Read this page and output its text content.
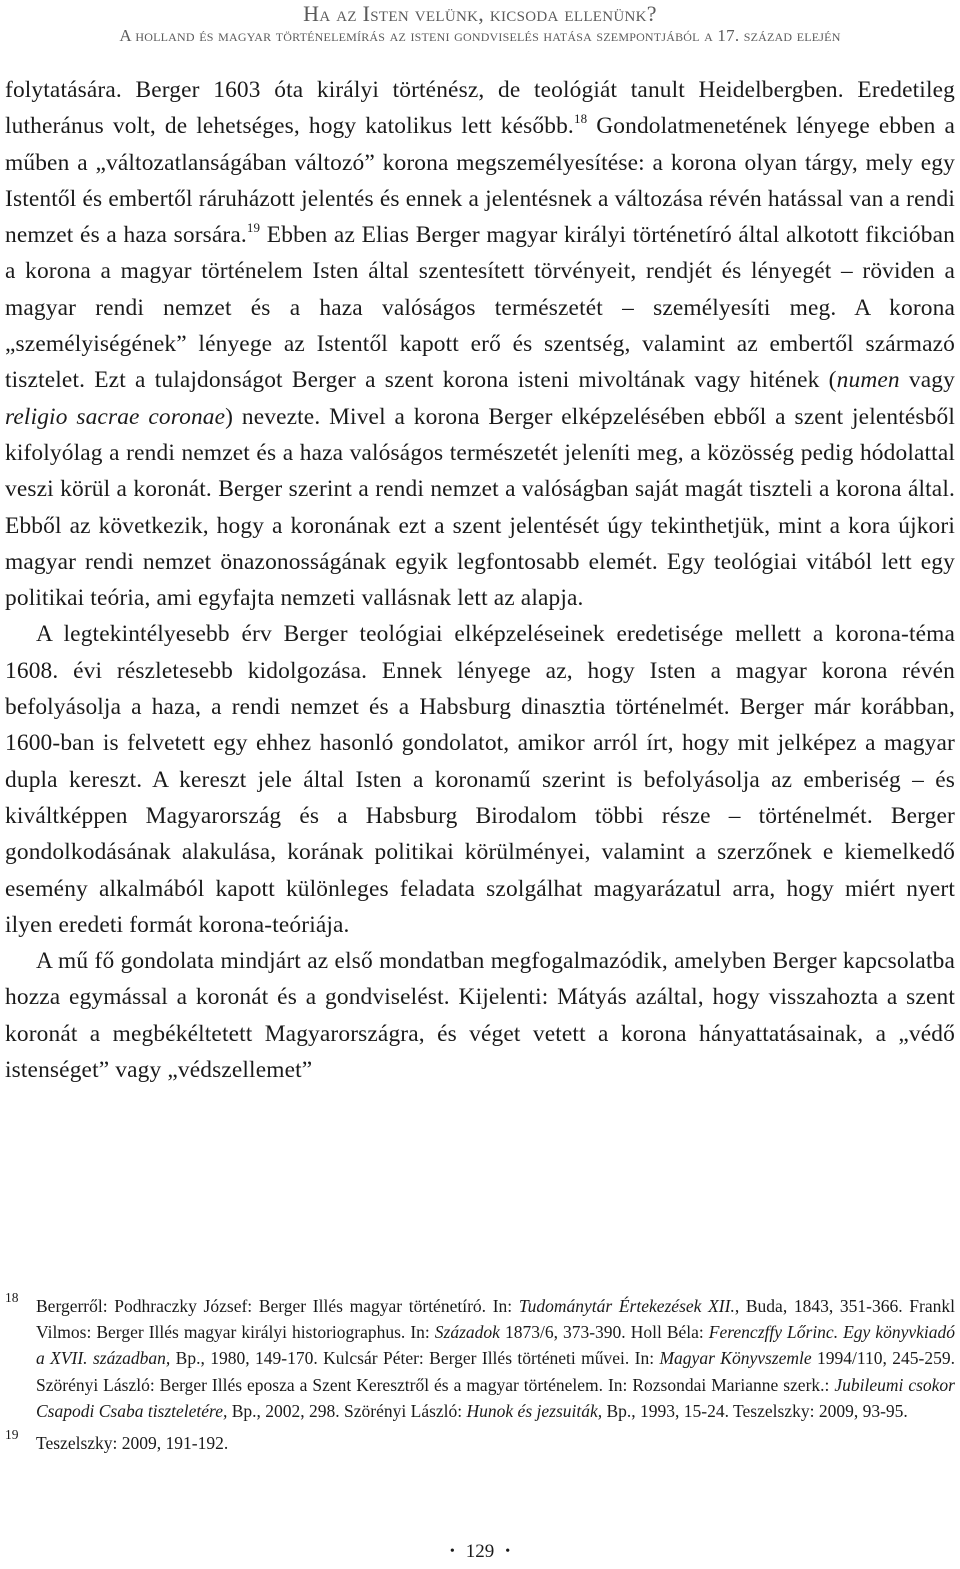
Ha az Isten velünk, kicsoda ellenünk?
A holland és magyar történelemírás az isteni gondviselés hatása szempontjából a 17. század elején

folytatására. Berger 1603 óta királyi történész, de teológiát tanult Heidelbergben. Eredetileg lutheránus volt, de lehetséges, hogy katolikus lett később.$^{18}$ Gondolatmenetének lényege ebben a műben a „változatlanságában változó” korona megszemélyesítése: a korona olyan tárgy, mely egy Istentől és embertől ráruházott jelentés és ennek a jelentésnek a változása révén hatással van a rendi nemzet és a haza sorsára.$^{19}$ Ebben az Elias Berger magyar királyi történetíró által alkotott fikcióban a korona a magyar történelem Isten által szentesített törvényeit, rendjét és lényegét – röviden a magyar rendi nemzet és a haza valóságos természetét – személyesíti meg. A korona „személyiségének” lényege az Istentől kapott erő és szentség, valamint az embertől származó tisztelet. Ezt a tulajdonságot Berger a szent korona isteni mivoltának vagy hitének (numen vagy religio sacrae coronae) nevezte. Mivel a korona Berger elképzelésében ebből a szent jelentésből kifolyólag a rendi nemzet és a haza valóságos természetét jeleníti meg, a közösség pedig hódolattal veszi körül a koronát. Berger szerint a rendi nemzet a valóságban saját magát tiszteli a korona által. Ebből az következik, hogy a koronának ezt a szent jelentését úgy tekinthetjük, mint a kora újkori magyar rendi nemzet önazonosságának egyik legfontosabb elemét. Egy teológiai vitából lett egy politikai teória, ami egyfajta nemzeti vallásnak lett az alapja.

A legtekintélyesebb érv Berger teológiai elképzeléseinek eredetisége mellett a korona-téma 1608. évi részletesebb kidolgozása. Ennek lényege az, hogy Isten a magyar korona révén befolyásolja a haza, a rendi nemzet és a Habsburg dinasztia történelmét. Berger már korábban, 1600-ban is felvetett egy ehhez hasonló gondolatot, amikor arról írt, hogy mit jelképez a magyar dupla kereszt. A kereszt jele által Isten a koronamű szerint is befolyásolja az emberiség – és kiváltképpen Magyarország és a Habsburg Birodalom többi része – történelmét. Berger gondolkodásának alakulása, korának politikai körülményei, valamint a szerzőnek e kiemelkedő esemény alkalmából kapott különleges feladata szolgálhat magyarázatul arra, hogy miért nyert ilyen eredeti formát korona-teóriája.

A mű fő gondolata mindjárt az első mondatban megfogalmazódik, amelyben Berger kapcsolatba hozza egymással a koronát és a gondviselést. Kijelenti: Mátyás azáltal, hogy visszahozta a szent koronát a megbékéltetett Magyarországra, és véget vetett a korona hányattatásainak, a „védő istenséget” vagy „védszellemet”

18 Bergerről: Podhraczky József: Berger Illés magyar történetíró. In: Tudománytár Értekezések XII., Buda, 1843, 351-366. Frankl Vilmos: Berger Illés magyar királyi historiographus. In: Századok 1873/6, 373-390. Holl Béla: Ferenczffy Lőrinc. Egy könyvkiadó a XVII. században, Bp., 1980, 149-170. Kulcsár Péter: Berger Illés történeti művei. In: Magyar Könyvszemle 1994/110, 245-259. Szörényi László: Berger Illés eposza a Szent Keresztről és a magyar történelem. In: Rozsondai Marianne szerk.: Jubileumi csokor Csapodi Csaba tiszteletére, Bp., 2002, 298. Szörényi László: Hunok és jezsuiták, Bp., 1993, 15-24. Teszelszky: 2009, 93-95.

19 Teszelszky: 2009, 191-192.

• 129 •
